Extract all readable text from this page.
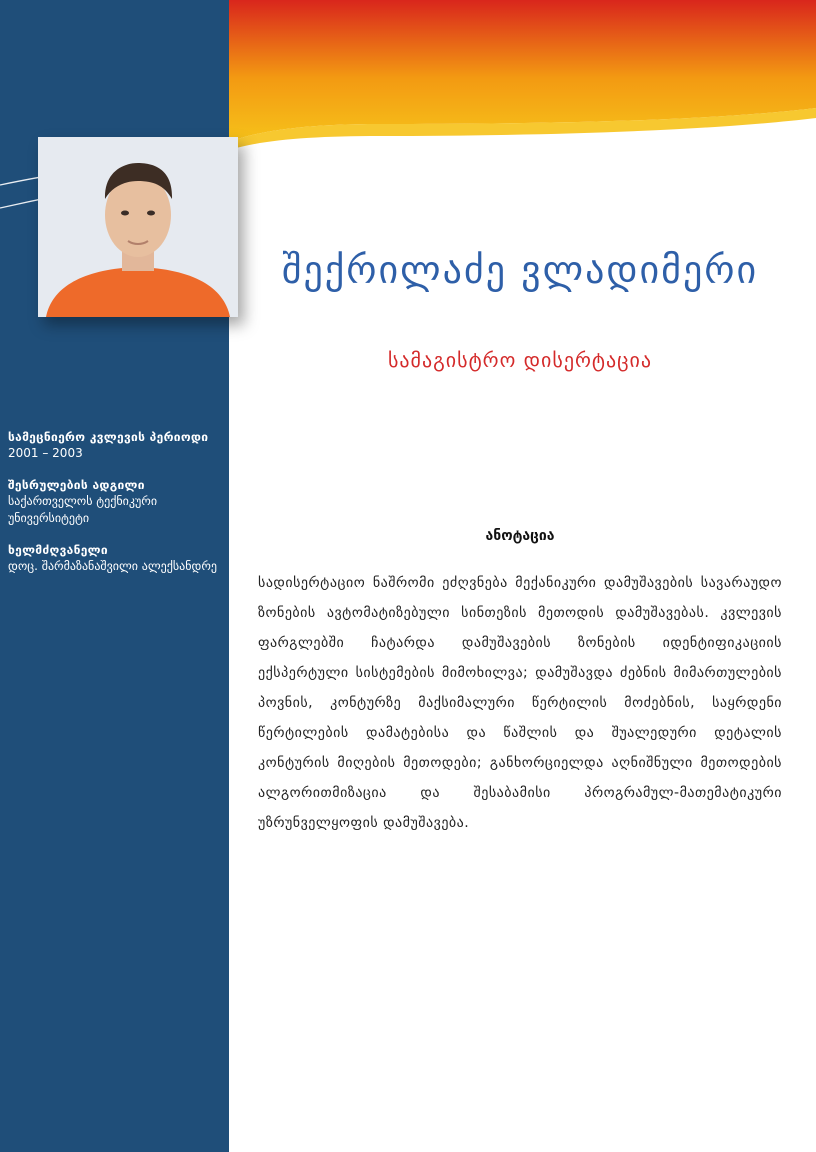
შექრილაძე ვლადიმერი
სამაგისტრო დისერტაცია
სამეცნიერო კვლევის პერიოდი
2001 – 2003
შესრულების ადგილი
საქართველოს ტექნიკური უნივერსიტეტი
ხელმძღვანელი
დოც. შარმაზანაშვილი ალექსანდრე
ანოტაცია
სადისერტაციო ნაშრომი ეძღვნება მექანიკური დამუშავების სავარაუდო ზონების ავტომატიზებული სინთეზის მეთოდის დამუშავებას. კვლევის ფარგლებში ჩატარდა დამუშავების ზონების იდენტიფიკაციის ექსპერტული სისტემების მიმოხილვა; დამუშავდა ძებნის მიმართულების პოვნის, კონტურზე მაქსიმალური წერტილის მოძებნის, საყრდენი წერტილების დამატებისა და წაშლის და შუალედური დეტალის კონტურის მიღების მეთოდები; განხორციელდა აღნიშნული მეთოდების ალგორითმიზაცია და შესაბამისი პროგრამულ-მათემატიკური უზრუნველყოფის დამუშავება.
